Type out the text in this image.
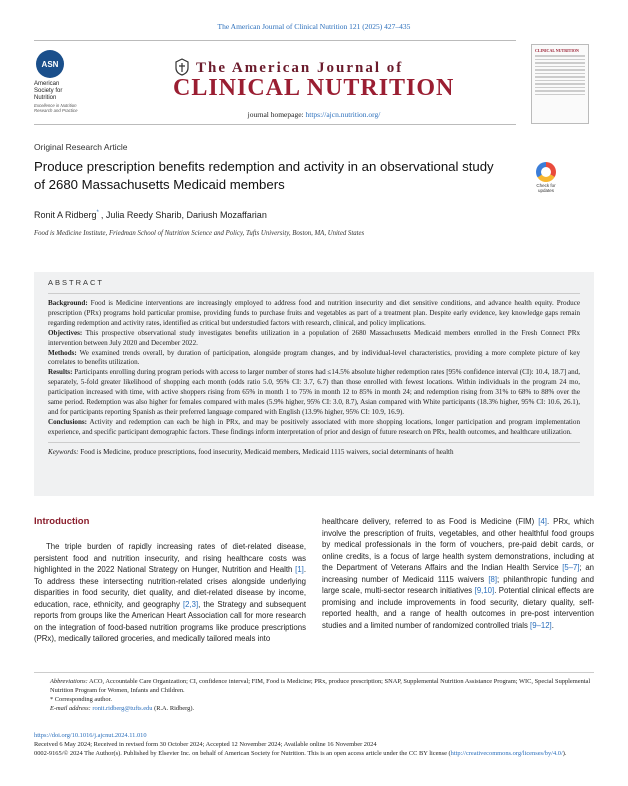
The American Journal of Clinical Nutrition 121 (2025) 427–435
ASN
American Society for Nutrition
Excellence in Nutrition Research and Practice
The American Journal of
CLINICAL NUTRITION
journal homepage: https://ajcn.nutrition.org/
CLINICAL NUTRITION
Original Research Article
Produce prescription benefits redemption and activity in an observational study of 2680 Massachusetts Medicaid members	Check for updates
Ronit A Ridberg* , Julia Reedy Sharib, Dariush Mozaffarian
Food is Medicine Institute, Friedman School of Nutrition Science and Policy, Tufts University, Boston, MA, United States
ABSTRACT

Background: Food is Medicine interventions are increasingly employed to address food and nutrition insecurity and diet sensitive conditions, and advance health equity. Produce prescription (PRx) programs hold particular promise, providing funds to purchase fruits and vegetables as part of a treatment plan. Despite early evidence, key knowledge gaps remain regarding redemption and activity rates, identified as critical but understudied factors with research, clinical, and policy implications.

Objectives: This prospective observational study investigates benefits utilization in a population of 2680 Massachusetts Medicaid members enrolled in the Fresh Connect PRx intervention between July 2020 and December 2022.

Methods: We examined trends overall, by duration of participation, alongside program changes, and by individual-level characteristics, providing a more complete picture of key correlates to benefits utilization.

Results: Participants enrolling during program periods with access to larger number of stores had ≤14.5% absolute higher redemption rates [95% confidence interval (CI): 10.4, 18.7] and, separately, 5-fold greater likelihood of shopping each month (odds ratio 5.0, 95% CI: 3.7, 6.7) than those enrolled with fewest locations. Within individuals in the program 24 mo, participation increased with time, with active shoppers rising from 65% in month 1 to 75% in month 12 to 85% in month 24; and redemption rising from 31% to 68% to 88% over the same period. Redemption was also higher for females compared with males (5.9% higher, 95% CI: 3.0, 8.7), Asian compared with White participants (18.3% higher, 95% CI: 10.6, 26.1), and for participants reporting Spanish as their preferred language compared with English (13.9% higher, 95% CI: 10.9, 16.9).

Conclusions: Activity and redemption can each be high in PRx, and may be positively associated with more shopping locations, longer participation and program implementation experience, and specific participant demographic factors. These findings inform interpretation of prior and design of future research on PRx, health outcomes, and healthcare utilization.

Keywords: Food is Medicine, produce prescriptions, food insecurity, Medicaid members, Medicaid 1115 waivers, social determinants of health

Introduction

The triple burden of rapidly increasing rates of diet-related disease, persistent food and nutrition insecurity, and rising healthcare costs was highlighted in the 2022 National Strategy on Hunger, Nutrition and Health [1]. To address these intersecting nutrition-related crises alongside underlying disparities in food security, diet quality, and diet-related disease by income, education, race, ethnicity, and geography [2,3], the Strategy and subsequent reports from groups like the American Heart Association call for more research on the integration of food-based nutrition programs like produce prescriptions (PRx), medically tailored groceries, and medically tailored meals into

healthcare delivery, referred to as Food is Medicine (FIM) [4]. PRx, which involve the prescription of fruits, vegetables, and other healthful food groups by medical professionals in the form of vouchers, pre-paid debit cards, or online credits, is a focus of large health system demonstrations, including at the Department of Veterans Affairs and the Indian Health Service [5–7]; an increasing number of Medicaid 1115 waivers [8]; philanthropic funding and large scale, multi-sector research initiatives [9,10]. Potential clinical effects are promising and include improvements in food security, dietary quality, self-reported health, and a range of health outcomes in pre-post intervention studies and a limited number of randomized controlled trials [9–12].

Abbreviations: ACO, Accountable Care Organization; CI, confidence interval; FIM, Food is Medicine; PRx, produce prescription; SNAP, Supplemental Nutrition Assistance Program; WIC, Special Supplemental Nutrition Program for Women, Infants and Children.
* Corresponding author.
E-mail address: ronit.ridberg@tufts.edu (R.A. Ridberg).
https://doi.org/10.1016/j.ajcnut.2024.11.010
Received 6 May 2024; Received in revised form 30 October 2024; Accepted 12 November 2024; Available online 16 November 2024
0002-9165/© 2024 The Author(s). Published by Elsevier Inc. on behalf of American Society for Nutrition. This is an open access article under the CC BY license (http://creativecommons.org/licenses/by/4.0/).
